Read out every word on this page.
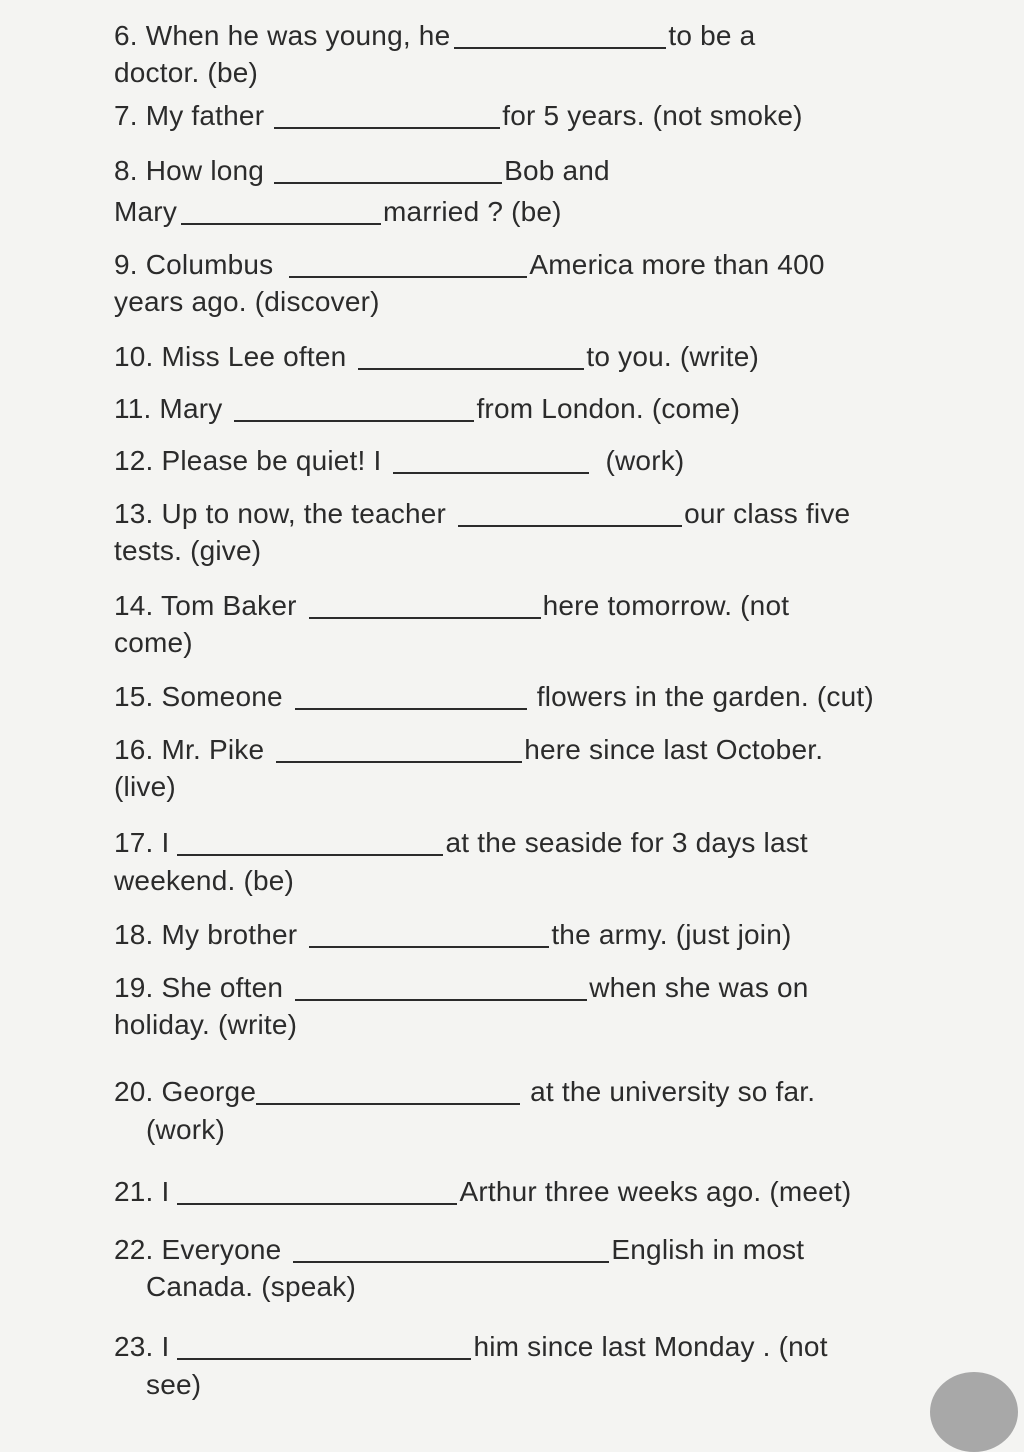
6. When he was young, he	to be a
doctor. (be)
7. My father	for 5 years. (not smoke)
8. How long	Bob and
Mary	married ? (be)
9. Columbus	America more than 400
years ago. (discover)
10. Miss Lee often	to you. (write)
11. Mary	from London. (come)
12. Please be quiet! I	(work)
13. Up to now, the teacher	our class five
tests. (give)
14. Tom Baker	here tomorrow. (not
come)
15. Someone	flowers in the garden. (cut)
16. Mr. Pike	here since last October.
(live)
17. I	at the seaside for 3 days last
weekend. (be)
18. My brother	the army. (just join)
19. She often	when she was on
holiday. (write)
20. George	at the university so far.
(work)
21. I	Arthur three weeks ago. (meet)
22. Everyone	English in most
Canada. (speak)
23. I	him since last Monday . (not
see)
